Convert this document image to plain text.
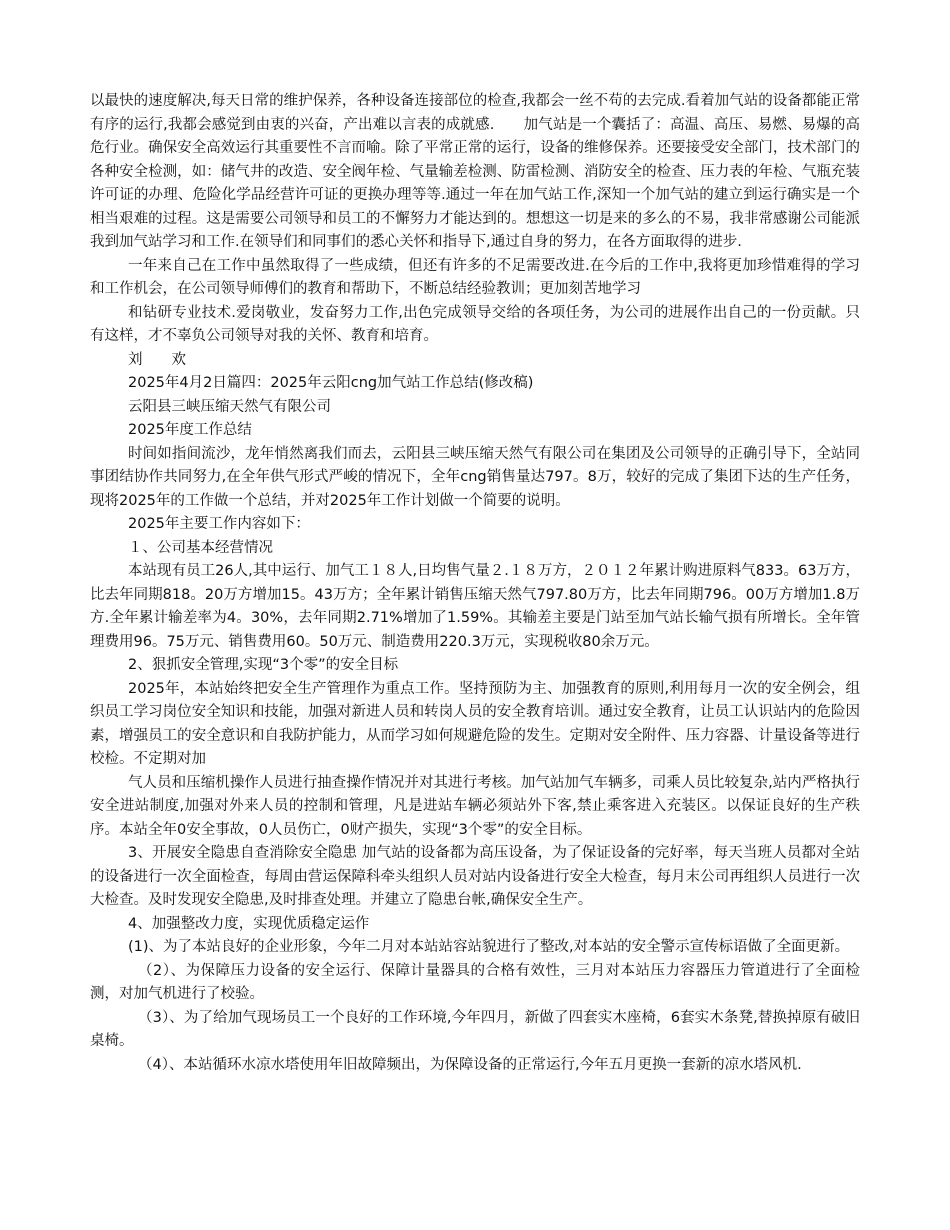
以最快的速度解决,每天日常的维护保养，各种设备连接部位的检查,我都会一丝不苟的去完成.看着加气站的设备都能正常有序的运行,我都会感觉到由衷的兴奋，产出难以言表的成就感.　　加气站是一个囊括了：高温、高压、易燃、易爆的高危行业。确保安全高效运行其重要性不言而喻。除了平常正常的运行，设备的维修保养。还要接受安全部门，技术部门的各种安全检测，如：储气井的改造、安全阀年检、气量输差检测、防雷检测、消防安全的检查、压力表的年检、气瓶充装许可证的办理、危险化学品经营许可证的更换办理等等.通过一年在加气站工作,深知一个加气站的建立到运行确实是一个相当艰难的过程。这是需要公司领导和员工的不懈努力才能达到的。想想这一切是来的多么的不易，我非常感谢公司能派我到加气站学习和工作.在领导们和同事们的悉心关怀和指导下,通过自身的努力，在各方面取得的进步.

一年来自己在工作中虽然取得了一些成绩，但还有许多的不足需要改进.在今后的工作中,我将更加珍惜难得的学习和工作机会，在公司领导师傅们的教育和帮助下，不断总结经验教训；更加刻苦地学习

和钻研专业技术.爱岗敬业，发奋努力工作,出色完成领导交给的各项任务，为公司的进展作出自己的一份贡献。只有这样，才不辜负公司领导对我的关怀、教育和培育。

刘　　欢

2025年4月2日篇四：2025年云阳cng加气站工作总结(修改稿)

云阳县三峡压缩天然气有限公司

2025年度工作总结

时间如指间流沙，龙年悄然离我们而去，云阳县三峡压缩天然气有限公司在集团及公司领导的正确引导下，全站同事团结协作共同努力,在全年供气形式严峻的情况下，全年cng销售量达797。8万，较好的完成了集团下达的生产任务，现将2025年的工作做一个总结，并对2025年工作计划做一个简要的说明。

2025年主要工作内容如下：

１、公司基本经营情况

本站现有员工26人,其中运行、加气工１８人,日均售气量２.１８万方，２０１２年累计购进原料气833。63万方，比去年同期818。20万方增加15。43万方；全年累计销售压缩天然气797.80万方，比去年同期796。00万方增加1.8万方.全年累计输差率为4。30%，去年同期2.71%增加了1.59%。其输差主要是门站至加气站长输气损有所增长。全年管理费用96。75万元、销售费用60。50万元、制造费用220.3万元，实现税收80余万元。

2、狠抓安全管理,实现“3个零”的安全目标

2025年，本站始终把安全生产管理作为重点工作。坚持预防为主、加强教育的原则,利用每月一次的安全例会，组织员工学习岗位安全知识和技能，加强对新进人员和转岗人员的安全教育培训。通过安全教育，让员工认识站内的危险因素，增强员工的安全意识和自我防护能力，从而学习如何规避危险的发生。定期对安全附件、压力容器、计量设备等进行校检。不定期对加

气人员和压缩机操作人员进行抽查操作情况并对其进行考核。加气站加气车辆多，司乘人员比较复杂,站内严格执行安全进站制度,加强对外来人员的控制和管理，凡是进站车辆必须站外下客,禁止乘客进入充装区。以保证良好的生产秩序。本站全年0安全事故，0人员伤亡，0财产损失，实现“3个零”的安全目标。

3、开展安全隐患自查消除安全隐患 加气站的设备都为高压设备，为了保证设备的完好率，每天当班人员都对全站的设备进行一次全面检查，每周由营运保障科牵头组织人员对站内设备进行安全大检查，每月末公司再组织人员进行一次大检查。及时发现安全隐患,及时排查处理。并建立了隐患台帐,确保安全生产。

4、加强整改力度，实现优质稳定运作

(1)、为了本站良好的企业形象，今年二月对本站站容站貌进行了整改,对本站的安全警示宣传标语做了全面更新。

（2）、为保障压力设备的安全运行、保障计量器具的合格有效性，三月对本站压力容器压力管道进行了全面检测，对加气机进行了校验。

（3）、为了给加气现场员工一个良好的工作环境,今年四月，新做了四套实木座椅，6套实木条凳,替换掉原有破旧桌椅。

（4）、本站循环水凉水塔使用年旧故障频出，为保障设备的正常运行,今年五月更换一套新的凉水塔风机.
